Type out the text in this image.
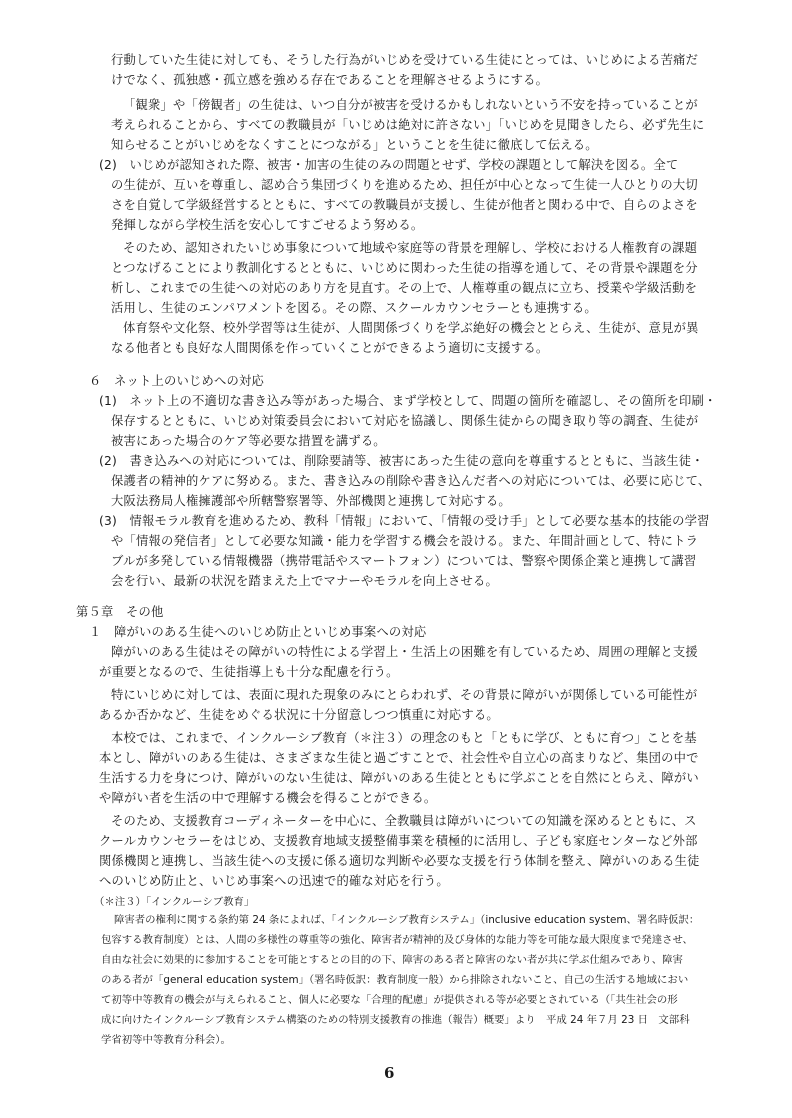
行動していた生徒に対しても、そうした行為がいじめを受けている生徒にとっては、いじめによる苦痛だ
けでなく、孤独感・孤立感を強める存在であることを理解させるようにする。
「観衆」や「傍観者」の生徒は、いつ自分が被害を受けるかもしれないという不安を持っていることが
考えられることから、すべての教職員が「いじめは絶対に許さない」「いじめを見聞きしたら、必ず先生に
知らせることがいじめをなくすことにつながる」ということを生徒に徹底して伝える。
(2)　いじめが認知された際、被害・加害の生徒のみの問題とせず、学校の課題として解決を図る。全て
の生徒が、互いを尊重し、認め合う集団づくりを進めるため、担任が中心となって生徒一人ひとりの大切
さを自覚して学級経営するとともに、すべての教職員が支援し、生徒が他者と関わる中で、自らのよさを
発揮しながら学校生活を安心してすごせるよう努める。
そのため、認知されたいじめ事象について地域や家庭等の背景を理解し、学校における人権教育の課題
とつなげることにより教訓化するとともに、いじめに関わった生徒の指導を通して、その背景や課題を分
析し、これまでの生徒への対応のあり方を見直す。その上で、人権尊重の観点に立ち、授業や学級活動を
活用し、生徒のエンパワメントを図る。その際、スクールカウンセラーとも連携する。
体育祭や文化祭、校外学習等は生徒が、人間関係づくりを学ぶ絶好の機会ととらえ、生徒が、意見が異
なる他者とも良好な人間関係を作っていくことができるよう適切に支援する。
６　ネット上のいじめへの対応
(1)　ネット上の不適切な書き込み等があった場合、まず学校として、問題の箇所を確認し、その箇所を印刷・
保存するとともに、いじめ対策委員会において対応を協議し、関係生徒からの聞き取り等の調査、生徒が
被害にあった場合のケア等必要な措置を講ずる。
(2)　書き込みへの対応については、削除要請等、被害にあった生徒の意向を尊重するとともに、当該生徒・
保護者の精神的ケアに努める。また、書き込みの削除や書き込んだ者への対応については、必要に応じて、
大阪法務局人権擁護部や所轄警察署等、外部機関と連携して対応する。
(3)　情報モラル教育を進めるため、教科「情報」において、「情報の受け手」として必要な基本的技能の学習
や「情報の発信者」として必要な知識・能力を学習する機会を設ける。また、年間計画として、特にトラ
ブルが多発している情報機器（携帯電話やスマートフォン）については、警察や関係企業と連携して講習
会を行い、最新の状況を踏まえた上でマナーやモラルを向上させる。
第５章　その他
１　障がいのある生徒へのいじめ防止といじめ事案への対応
障がいのある生徒はその障がいの特性による学習上・生活上の困難を有しているため、周囲の理解と支援
が重要となるので、生徒指導上も十分な配慮を行う。
特にいじめに対しては、表面に現れた現象のみにとらわれず、その背景に障がいが関係している可能性が
あるか否かなど、生徒をめぐる状況に十分留意しつつ慎重に対応する。
本校では、これまで、インクルーシブ教育（＊注３）の理念のもと「ともに学び、ともに育つ」ことを基
本とし、障がいのある生徒は、さまざまな生徒と過ごすことで、社会性や自立心の高まりなど、集団の中で
生活する力を身につけ、障がいのない生徒は、障がいのある生徒とともに学ぶことを自然にとらえ、障がい
や障がい者を生活の中で理解する機会を得ることができる。
そのため、支援教育コーディネーターを中心に、全教職員は障がいについての知識を深めるとともに、ス
クールカウンセラーをはじめ、支援教育地域支援整備事業を積極的に活用し、子ども家庭センターなど外部
関係機関と連携し、当該生徒への支援に係る適切な判断や必要な支援を行う体制を整え、障がいのある生徒
へのいじめ防止と、いじめ事案への迅速で的確な対応を行う。
（＊注３）「インクルーシブ教育」
障害者の権利に関する条約第 24 条によれば、「インクルーシブ教育システム」（inclusive education system、署名時仮訳：
包容する教育制度）とは、人間の多様性の尊重等の強化、障害者が精神的及び身体的な能力等を可能な最大限度まで発達させ、
自由な社会に効果的に参加することを可能とするとの目的の下、障害のある者と障害のない者が共に学ぶ仕組みであり、障害
のある者が「general education system」（署名時仮訳：教育制度一般）から排除されないこと、自己の生活する地域におい
て初等中等教育の機会が与えられること、個人に必要な「合理的配慮」が提供される等が必要とされている（「共生社会の形
成に向けたインクルーシブ教育システム構築のための特別支援教育の推進（報告）概要」より　平成 24 年７月 23 日　文部科
学省初等中等教育分科会）。
6
